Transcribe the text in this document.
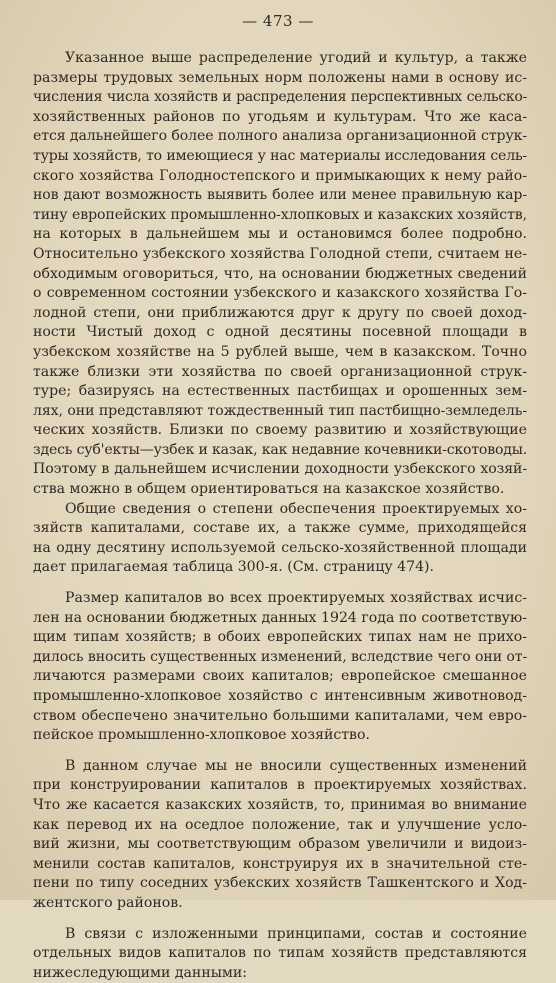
— 473 —
Указанное выше распределение угодий и культур, а также
размеры трудовых земельных норм положены нами в основу ис-
числения числа хозяйств и распределения перспективных сельско-
хозяйственных районов по угодьям и культурам. Что же каса-
ется дальнейшего более полного анализа организационной струк-
туры хозяйств, то имеющиеся у нас материалы исследования сель-
ского хозяйства Голодностепского и примыкающих к нему райо-
нов дают возможность выявить более или менее правильную кар-
тину европейских промышленно-хлопковых и казакских хозяйств,
на которых в дальнейшем мы и остановимся более подробно.
Относительно узбекского хозяйства Голодной степи, считаем не-
обходимым оговориться, что, на основании бюджетных сведений
о современном состоянии узбекского и казакского хозяйства Го-
лодной степи, они приближаются друг к другу по своей доход-
ности Чистый доход с одной десятины посевной площади в
узбекском хозяйстве на 5 рублей выше, чем в казакском. Точно
также близки эти хозяйства по своей организационной струк-
туре; базируясь на естественных пастбищах и орошенных зем-
лях, они представляют тождественный тип пастбищно-земледель-
ческих хозяйств. Близки по своему развитию и хозяйствующие
здесь суб'екты—узбек и казак, как недавние кочевники-скотоводы.
Поэтому в дальнейшем исчислении доходности узбекского хозяй-
ства можно в общем ориентироваться на казакское хозяйство.
Общие сведения о степени обеспечения проектируемых хо-
зяйств капиталами, составе их, а также сумме, приходящейся
на одну десятину используемой сельско-хозяйственной площади
дает прилагаемая таблица 300-я. (См. страницу 474).
Размер капиталов во всех проектируемых хозяйствах исчис-
лен на основании бюджетных данных 1924 года по соответствую-
щим типам хозяйств; в обоих европейских типах нам не прихо-
дилось вносить существенных изменений, вследствие чего они от-
личаются размерами своих капиталов; европейское смешанное
промышленно-хлопковое хозяйство с интенсивным животновод-
ством обеспечено значительно большими капиталами, чем евро-
пейское промышленно-хлопковое хозяйство.
В данном случае мы не вносили существенных изменений
при конструировании капиталов в проектируемых хозяйствах.
Что же касается казакских хозяйств, то, принимая во внимание
как перевод их на оседлое положение, так и улучшение усло-
вий жизни, мы соответствующим образом увеличили и видоиз-
менили состав капиталов, конструируя их в значительной сте-
пени по типу соседних узбекских хозяйств Ташкентского и Ход-
жентского районов.
В связи с изложенными принципами, состав и состояние
отдельных видов капиталов по типам хозяйств представляются
нижеследующими данными:
